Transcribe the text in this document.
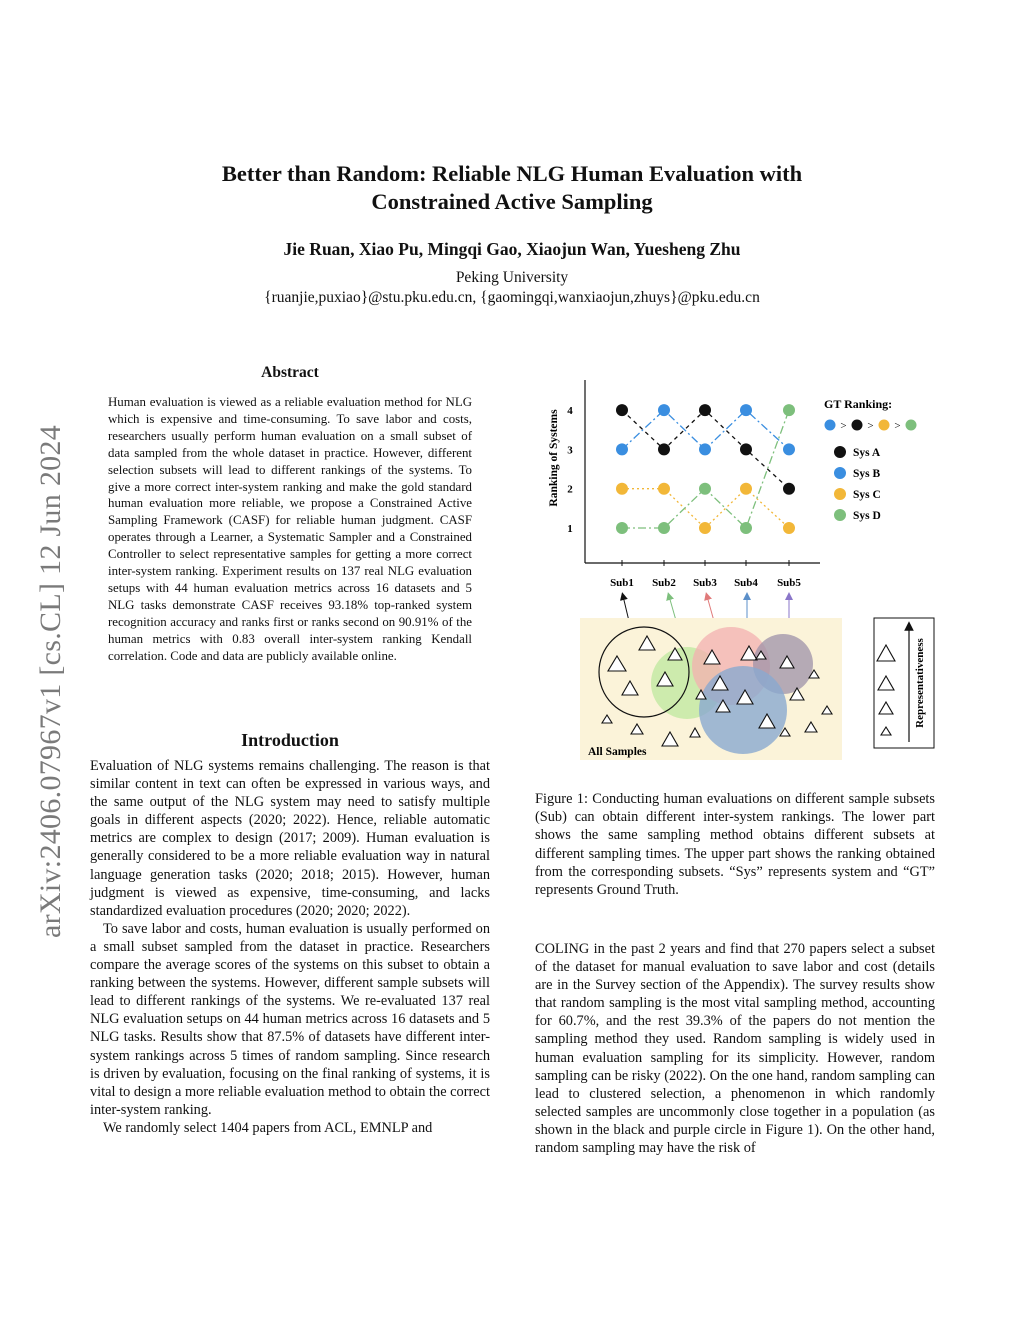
arXiv:2406.07967v1 [cs.CL] 12 Jun 2024
Better than Random: Reliable NLG Human Evaluation with
Constrained Active Sampling
Jie Ruan, Xiao Pu, Mingqi Gao, Xiaojun Wan, Yuesheng Zhu
Peking University
{ruanjie,puxiao}@stu.pku.edu.cn, {gaomingqi,wanxiaojun,zhuys}@pku.edu.cn
Abstract
Human evaluation is viewed as a reliable evaluation method for NLG which is expensive and time-consuming. To save labor and costs, researchers usually perform human evaluation on a small subset of data sampled from the whole dataset in practice. However, different selection subsets will lead to different rankings of the systems. To give a more correct inter-system ranking and make the gold standard human evaluation more reliable, we propose a Constrained Active Sampling Framework (CASF) for reliable human judgment. CASF operates through a Learner, a Systematic Sampler and a Constrained Controller to select representative samples for getting a more correct inter-system ranking. Experiment results on 137 real NLG evaluation setups with 44 human evaluation metrics across 16 datasets and 5 NLG tasks demonstrate CASF receives 93.18% top-ranked system recognition accuracy and ranks first or ranks second on 90.91% of the human metrics with 0.83 overall inter-system ranking Kendall correlation. Code and data are publicly available online.
Introduction

Evaluation of NLG systems remains challenging. The reason is that similar content in text can often be expressed in various ways, and the same output of the NLG system may need to satisfy multiple goals in different aspects (2020; 2022). Hence, reliable automatic metrics are complex to design (2017; 2009). Human evaluation is generally considered to be a more reliable evaluation way in natural language generation tasks (2020; 2018; 2015). However, human judgment is viewed as expensive, time-consuming, and lacks standardized evaluation procedures (2020; 2020; 2022).

To save labor and costs, human evaluation is usually performed on a small subset sampled from the dataset in practice. Researchers compare the average scores of the systems on this subset to obtain a ranking between the systems. However, different sample subsets will lead to different rankings of the systems. We re-evaluated 137 real NLG evaluation setups on 44 human metrics across 16 datasets and 5 NLG tasks. Results show that 87.5% of datasets have different inter-system rankings across 5 times of random sampling. Since research is driven by evaluation, focusing on the final ranking of systems, it is vital to design a more reliable evaluation method to obtain the correct inter-system ranking.

We randomly select 1404 papers from ACL, EMNLP and

Ranking of Systems
1
2
3
4
Sub1 Sub2 Sub3 Sub4 Sub5
GT Ranking:
> > >
Sys A
Sys B
Sys C
Sys D
All Samples
Representativeness
Figure 1: Conducting human evaluations on different sample subsets (Sub) can obtain different inter-system rankings. The lower part shows the same sampling method obtains different subsets at different sampling times. The upper part shows the ranking obtained from the corresponding subsets. “Sys” represents system and “GT” represents Ground Truth.
COLING in the past 2 years and find that 270 papers select a subset of the dataset for manual evaluation to save labor and cost (details are in the Survey section of the Appendix). The survey results show that random sampling is the most vital sampling method, accounting for 60.7%, and the rest 39.3% of the papers do not mention the sampling method they used. Random sampling is widely used in human evaluation sampling for its simplicity. However, random sampling can be risky (2022). On the one hand, random sampling can lead to clustered selection, a phenomenon in which randomly selected samples are uncommonly close together in a population (as shown in the black and purple circle in Figure 1). On the other hand, random sampling may have the risk of
